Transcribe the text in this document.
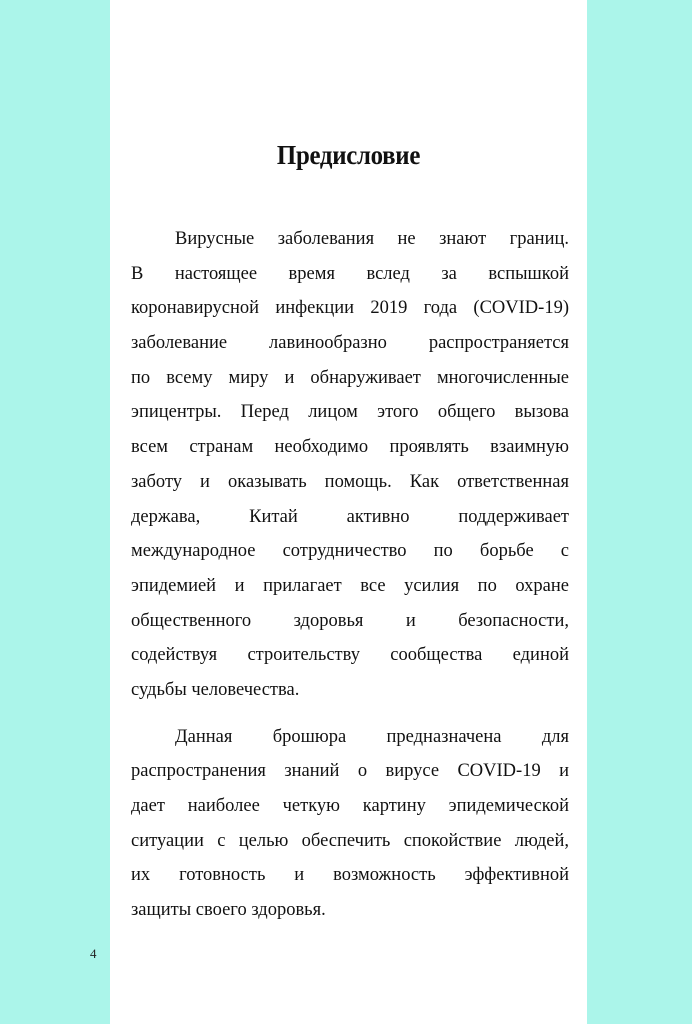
Предисловие
Вирусные заболевания не знают границ.
В настоящее время вслед за вспышкой
коронавирусной инфекции 2019 года (COVID-19)
заболевание лавинообразно распространяется
по всему миру и обнаруживает многочисленные
эпицентры. Перед лицом этого общего вызова
всем странам необходимо проявлять взаимную
заботу и оказывать помощь. Как ответственная
держава, Китай активно поддерживает
международное сотрудничество по борьбе с
эпидемией и прилагает все усилия по охране
общественного здоровья и безопасности,
содействуя строительству сообщества единой
судьбы человечества.
Данная брошюра предназначена для
распространения знаний о вирусе COVID-19 и
дает наиболее четкую картину эпидемической
ситуации с целью обеспечить спокойствие людей,
их готовность и возможность эффективной
защиты своего здоровья.
4
